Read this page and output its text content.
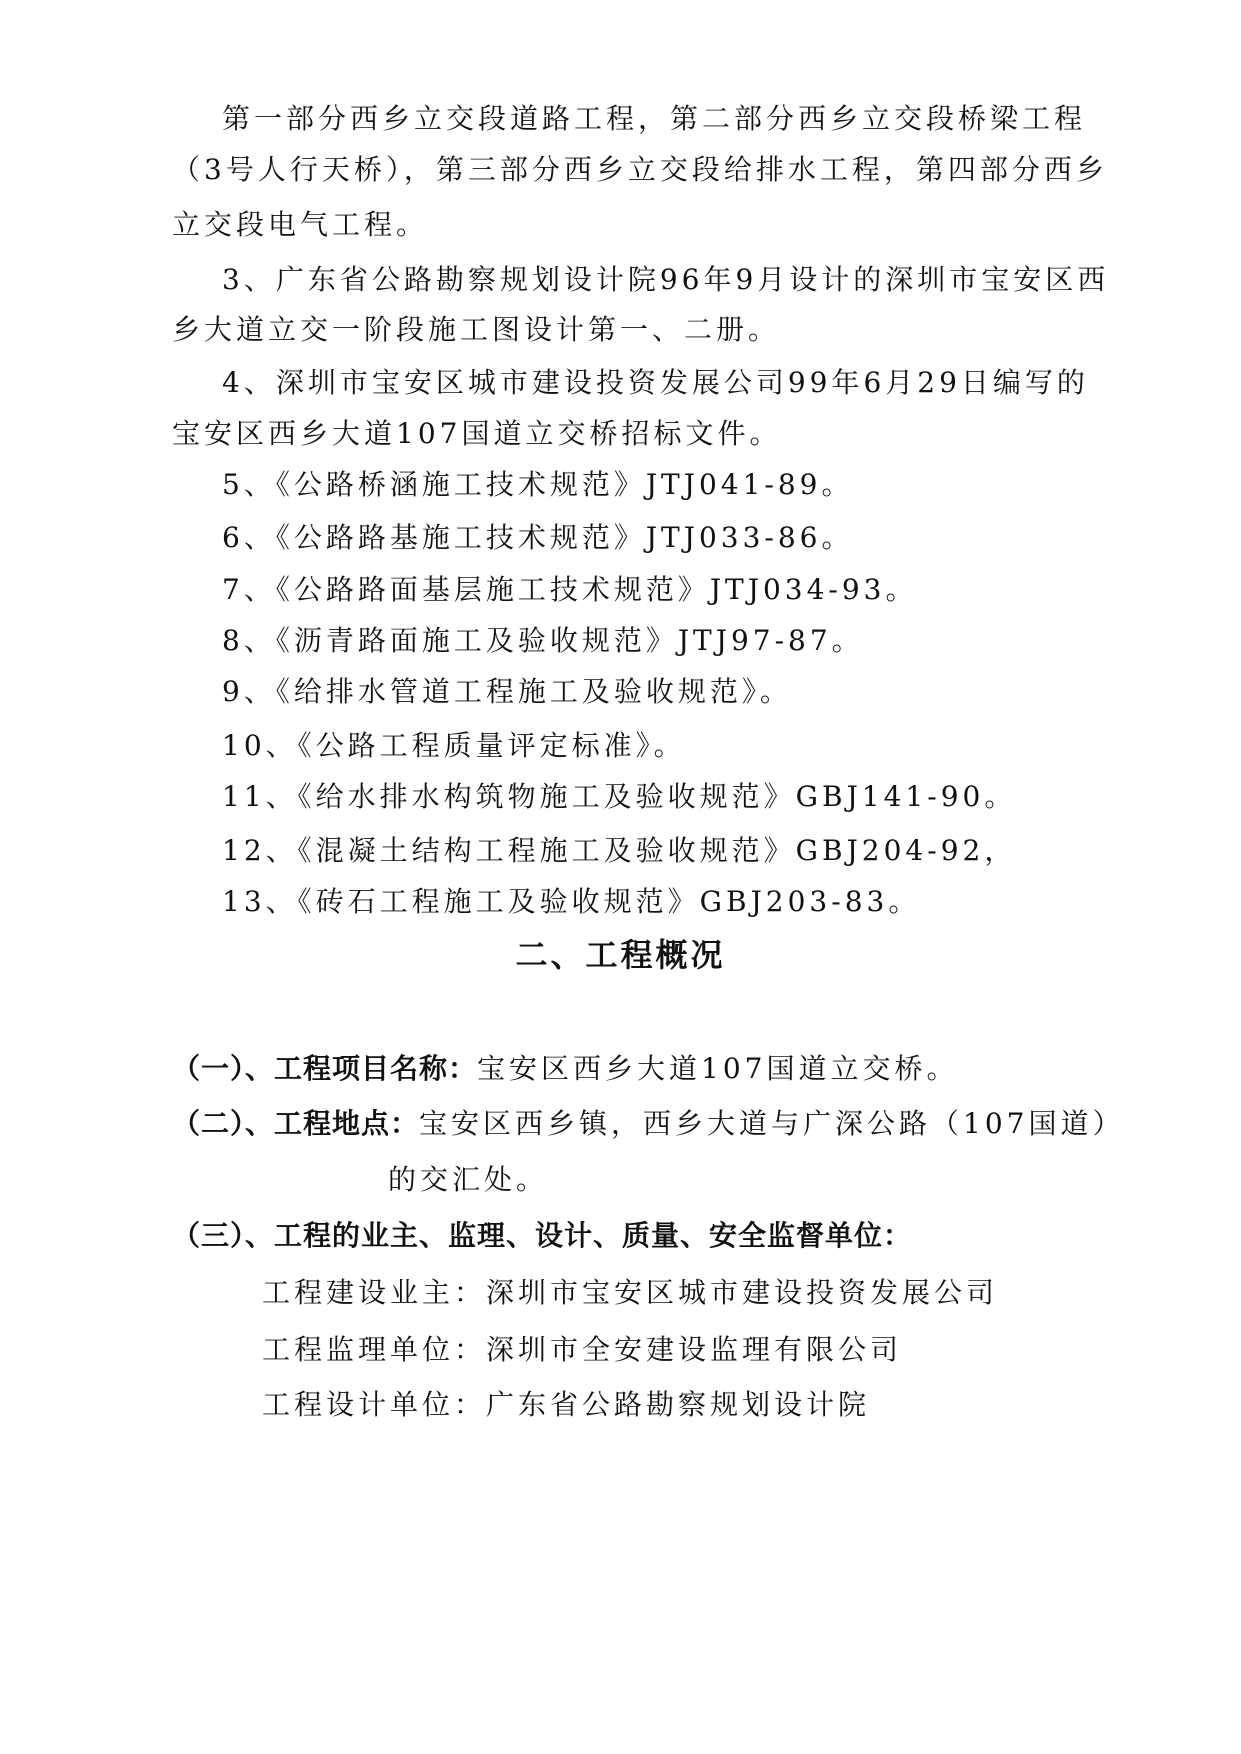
第一部分西乡立交段道路工程，第二部分西乡立交段桥梁工程
（3号人行天桥），第三部分西乡立交段给排水工程，第四部分西乡
立交段电气工程。
3、广东省公路勘察规划设计院96年9月设计的深圳市宝安区西
乡大道立交一阶段施工图设计第一、二册。
4、深圳市宝安区城市建设投资发展公司99年6月29日编写的
宝安区西乡大道107国道立交桥招标文件。
5、《公路桥涵施工技术规范》JTJ041-89。
6、《公路路基施工技术规范》JTJ033-86。
7、《公路路面基层施工技术规范》JTJ034-93。
8、《沥青路面施工及验收规范》JTJ97-87。
9、《给排水管道工程施工及验收规范》。
10、《公路工程质量评定标准》。
11、《给水排水构筑物施工及验收规范》GBJ141-90。
12、《混凝土结构工程施工及验收规范》GBJ204-92，
13、《砖石工程施工及验收规范》GBJ203-83。
二、工程概况
（一）、工程项目名称：宝安区西乡大道107国道立交桥。
（二）、工程地点：宝安区西乡镇，西乡大道与广深公路（107国道）
的交汇处。
（三）、工程的业主、监理、设计、质量、安全监督单位：
工程建设业主：深圳市宝安区城市建设投资发展公司
工程监理单位：深圳市全安建设监理有限公司
工程设计单位：广东省公路勘察规划设计院
